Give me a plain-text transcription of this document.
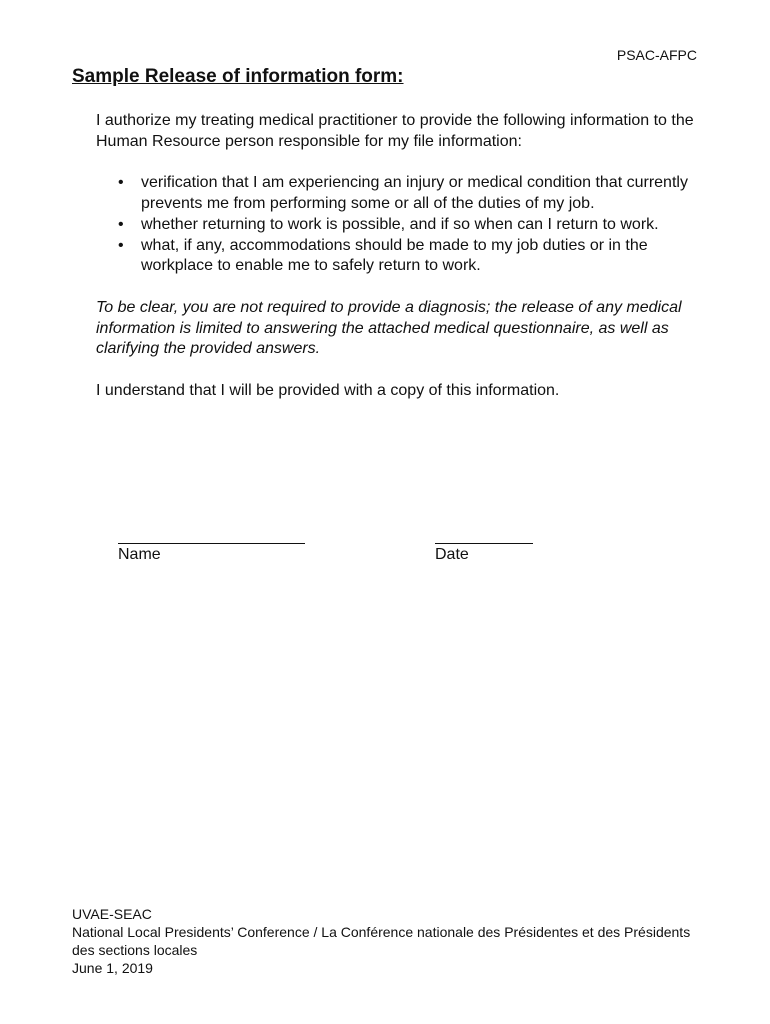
PSAC-AFPC
Sample Release of information form:

I authorize my treating medical practitioner to provide the following information to the Human Resource person responsible for my file information:

• verification that I am experiencing an injury or medical condition that currently prevents me from performing some or all of the duties of my job.
• whether returning to work is possible, and if so when can I return to work.
• what, if any, accommodations should be made to my job duties or in the workplace to enable me to safely return to work.

To be clear, you are not required to provide a diagnosis; the release of any medical information is limited to answering the attached medical questionnaire, as well as clarifying the provided answers.

I understand that I will be provided with a copy of this information.

Name	Date
UVAE-SEAC
National Local Presidents’ Conference / La Conférence nationale des Présidentes et des Présidents des sections locales
June 1, 2019
